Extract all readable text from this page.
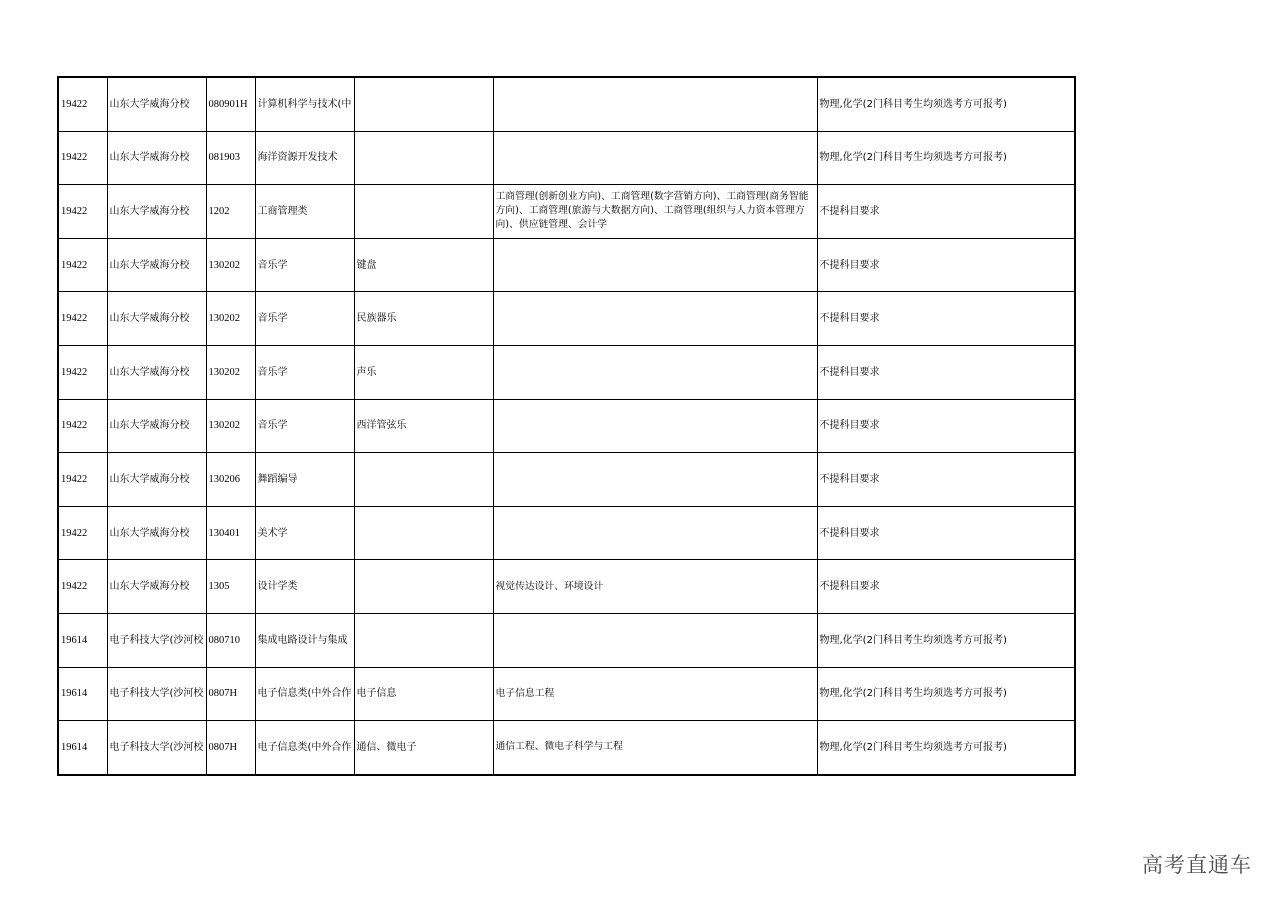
19422	山东大学威海分校	080901H	计算机科学与技术(中			物理,化学(2门科目考生均须选考方可报考)
19422	山东大学威海分校	081903	海洋资源开发技术			物理,化学(2门科目考生均须选考方可报考)
19422	山东大学威海分校	1202	工商管理类		工商管理(创新创业方向)、工商管理(数字营销方向)、工商管理(商务智能方向)、工商管理(旅游与大数据方向)、工商管理(组织与人力资本管理方向)、供应链管理、会计学	不提科目要求
19422	山东大学威海分校	130202	音乐学	键盘		不提科目要求
19422	山东大学威海分校	130202	音乐学	民族器乐		不提科目要求
19422	山东大学威海分校	130202	音乐学	声乐		不提科目要求
19422	山东大学威海分校	130202	音乐学	西洋管弦乐		不提科目要求
19422	山东大学威海分校	130206	舞蹈编导			不提科目要求
19422	山东大学威海分校	130401	美术学			不提科目要求
19422	山东大学威海分校	1305	设计学类		视觉传达设计、环境设计	不提科目要求
19614	电子科技大学(沙河校	080710	集成电路设计与集成			物理,化学(2门科目考生均须选考方可报考)
19614	电子科技大学(沙河校	0807H	电子信息类(中外合作	电子信息	电子信息工程	物理,化学(2门科目考生均须选考方可报考)
19614	电子科技大学(沙河校	0807H	电子信息类(中外合作	通信、微电子	通信工程、微电子科学与工程	物理,化学(2门科目考生均须选考方可报考)
高考直通车
